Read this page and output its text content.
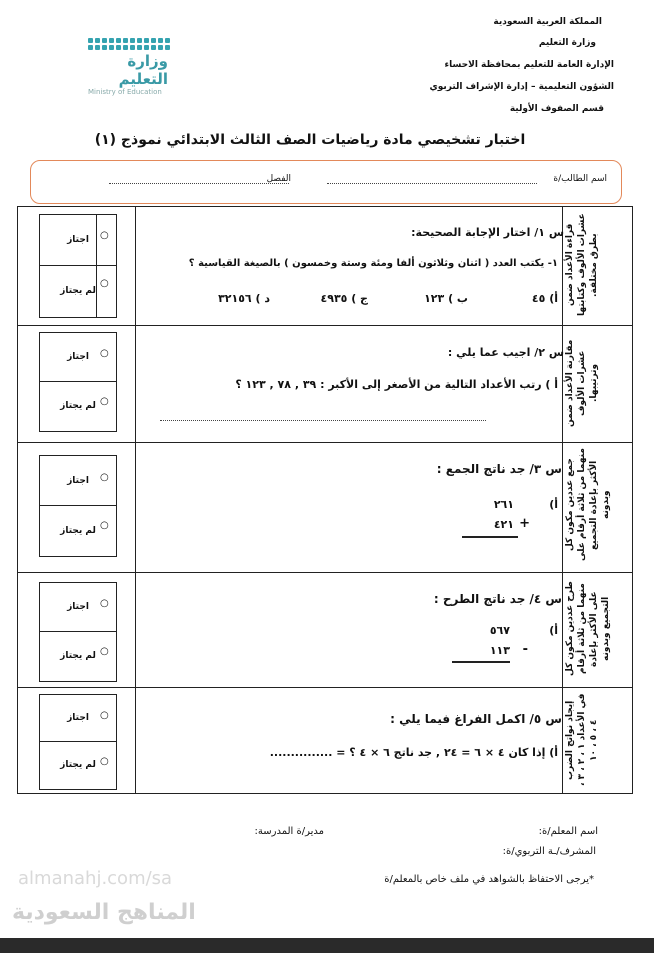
المملكة العربية السعودية
وزارة التعليم
الإدارة العامة للتعليم بمحافظة الاحساء
الشؤون التعليمية – إدارة الإشراف التربوي
قسم الصفوف الأولية
وزارة التعليم
Ministry of Education
اختبار تشخيصي مادة رياضيات الصف الثالث الابتدائي نموذج (١)
اسم الطالب/ة
الفصل
قراءة الأعداد ضمن عشرات الألوف وكتابتها بطرق مختلفة.
مقارنة الأعداد ضمن عشرات الألوف وترتيبها.
جمع عددين مكون كل منهما من ثلاثة أرقام على الأكثر بإعادة التجميع وبدونه
طرح عددين مكون كل منهما من ثلاثة أرقام على الأكثر بإعادة التجميع وبدونه
إيجاد نواتج الضرب في الأعداد ١ ، ٢ ، ٣ ، ٤ ، ٥ ، ١٠
س ١/ اختار الإجابة الصحيحة:
١- يكتب العدد ( اثنان وثلاثون ألفا ومئة وستة وخمسون ) بالصيغة القياسية ؟
أ) ٤٥
ب ) ١٢٣
ج ) ٤٩٣٥
د ) ٣٢١٥٦
س ٢/ اجيب عما يلي :
أ ) رتب الأعداد التالية من الأصغر إلى الأكبر : ٣٩ , ٧٨ , ١٢٣ ؟
س ٣/ جد ناتج الجمع :
أ)
٢٦١
٤٢١ +
س ٤/ جد ناتج الطرح :
أ)
٥٦٧
١١٣ -
س ٥/ اكمل الفراغ فيما يلي :
أ) إذا كان ٤ × ٦ = ٢٤ , جد ناتج ٦ × ٤ ؟ = ...............
اجتاز
لم يجتاز
○
○
اجتاز
لم يجتاز
○
○
اجتاز
لم يجتاز
○
○
اجتاز
لم يجتاز
○
○
اجتاز
لم يجتاز
○
○
اسم المعلم/ة:
مدير/ة المدرسة:
المشرف/ـة التربوي/ة:
*يرجى الاحتفاظ بالشواهد في ملف خاص بالمعلم/ة
almanahj.com/sa
المناهج السعودية
